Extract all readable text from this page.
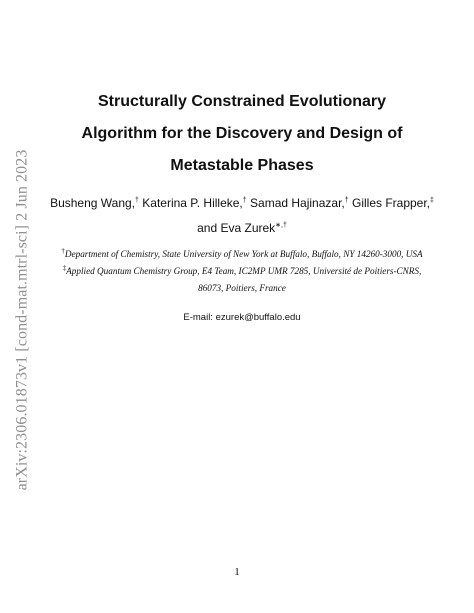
arXiv:2306.01873v1 [cond-mat.mtrl-sci] 2 Jun 2023
Structurally Constrained Evolutionary
Algorithm for the Discovery and Design of
Metastable Phases
Busheng Wang,† Katerina P. Hilleke,† Samad Hajinazar,† Gilles Frapper,‡
and Eva Zurek∗,†
†Department of Chemistry, State University of New York at Buffalo, Buffalo, NY 14260-3000, USA
‡Applied Quantum Chemistry Group, E4 Team, IC2MP UMR 7285, Université de Poitiers-CNRS,
86073, Poitiers, France
E-mail: ezurek@buffalo.edu
1
